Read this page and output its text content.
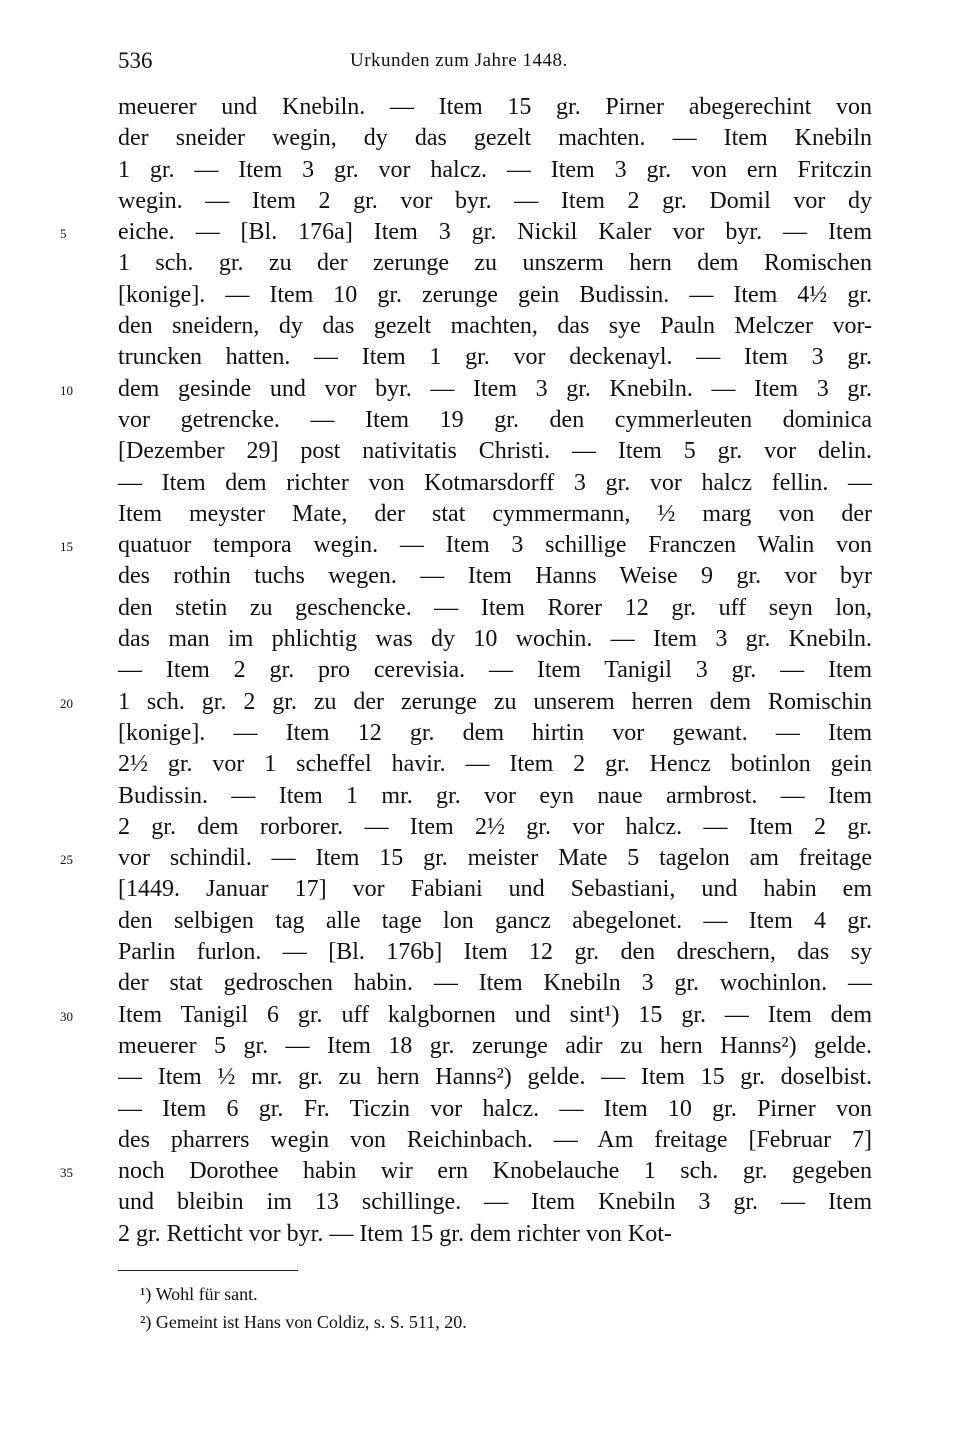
536	Urkunden zum Jahre 1448.
meuerer und Knebiln. — Item 15 gr. Pirner abegerechint von
der sneider wegin, dy das gezelt machten. — Item Knebiln
1 gr. — Item 3 gr. vor halcz. — Item 3 gr. von ern Fritczin
wegin. — Item 2 gr. vor byr. — Item 2 gr. Domil vor dy
5	eiche. — [Bl. 176a] Item 3 gr. Nickil Kaler vor byr. — Item
1 sch. gr. zu der zerunge zu unszerm hern dem Romischen
[konige]. — Item 10 gr. zerunge gein Budissin. — Item 4½ gr.
den sneidern, dy das gezelt machten, das sye Pauln Melczer vor-
truncken hatten. — Item 1 gr. vor deckenayl. — Item 3 gr.
10	dem gesinde und vor byr. — Item 3 gr. Knebiln. — Item 3 gr.
vor getrencke. — Item 19 gr. den cymmerleuten dominica
[Dezember 29] post nativitatis Christi. — Item 5 gr. vor delin.
— Item dem richter von Kotmarsdorff 3 gr. vor halcz fellin. —
Item meyster Mate, der stat cymmermann, ½ marg von der
15	quatuor tempora wegin. — Item 3 schillige Franczen Walin von
des rothin tuchs wegen. — Item Hanns Weise 9 gr. vor byr
den stetin zu geschencke. — Item Rorer 12 gr. uff seyn lon,
das man im phlichtig was dy 10 wochin. — Item 3 gr. Knebiln.
— Item 2 gr. pro cerevisia. — Item Tanigil 3 gr. — Item
20	1 sch. gr. 2 gr. zu der zerunge zu unserem herren dem Romischin
[konige]. — Item 12 gr. dem hirtin vor gewant. — Item
2½ gr. vor 1 scheffel havir. — Item 2 gr. Hencz botinlon gein
Budissin. — Item 1 mr. gr. vor eyn naue armbrost. — Item
2 gr. dem rorborer. — Item 2½ gr. vor halcz. — Item 2 gr.
25	vor schindil. — Item 15 gr. meister Mate 5 tagelon am freitage
[1449. Januar 17] vor Fabiani und Sebastiani, und habin em
den selbigen tag alle tage lon gancz abegelonet. — Item 4 gr.
Parlin furlon. — [Bl. 176b] Item 12 gr. den dreschern, das sy
der stat gedroschen habin. — Item Knebiln 3 gr. wochinlon. —
30	Item Tanigil 6 gr. uff kalgbornen und sint¹) 15 gr. — Item dem
meuerer 5 gr. — Item 18 gr. zerunge adir zu hern Hanns²) gelde.
— Item ½ mr. gr. zu hern Hanns²) gelde. — Item 15 gr. doselbist.
— Item 6 gr. Fr. Ticzin vor halcz. — Item 10 gr. Pirner von
des pharrers wegin von Reichinbach. — Am freitage [Februar 7]
35	noch Dorothee habin wir ern Knobelauche 1 sch. gr. gegeben
und bleibin im 13 schillinge. — Item Knebiln 3 gr. — Item
2 gr. Retticht vor byr. — Item 15 gr. dem richter von Kot-
¹) Wohl für sant.
²) Gemeint ist Hans von Coldiz, s. S. 511, 20.
